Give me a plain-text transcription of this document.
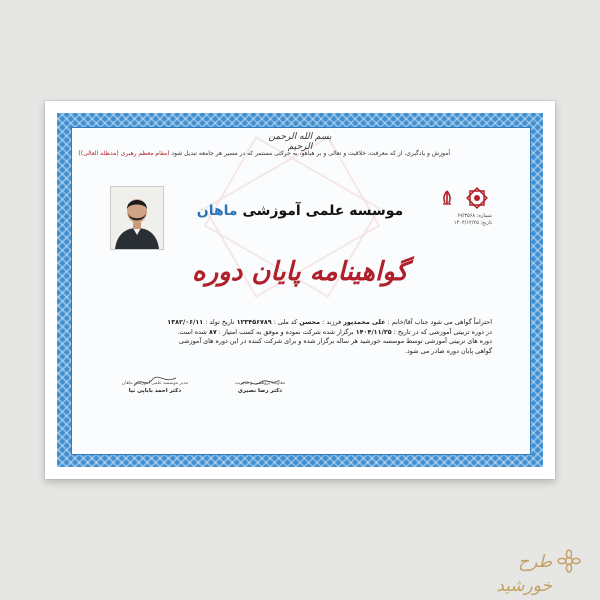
بسم الله الرحمن الرحیم
آموزش و یادگیری، از که معرفت، خلاقیت و تعالی و بر هیاهو، به حرکتی مستمر که در مسیر هر جامعه تبدیل شود (مقام معظم رهبری (مدظله العالی))
موسسه علمی آموزشی ماهان	شماره: ۶۷/۳۵۶۸
تاریخ: ۱۴۰۴/۱۲/۲۵
گواهینامه پایان دوره
احتراماً گواهی می شود جناب آقا/خانم : علی محمدپور فرزند : محسن کد ملی : ۱۲۳۴۵۶۷۸۹ تاریخ تولد : ۱۳۸۲/۰۶/۱۱
در دوره تربیتی آموزشی که در تاریخ : ۱۴۰۴/۱۱/۲۵ برگزار شده شرکت نموده و موفق به کسب امتیاز : ۸۷ شده است.
دوره های تربیتی آموزشی توسط موسسه خورشید هر ساله برگزار شده و برای شرکت کننده در این دوره های آموزشی
گواهی پایان دوره صادر می شود.
مدیر موسسه علمی آموزشی ماهان
دکتر احمد باباپی نیا
معاونت پژوهشی و مدیریت
دکتر رضا نصیری
طرح خورشید
